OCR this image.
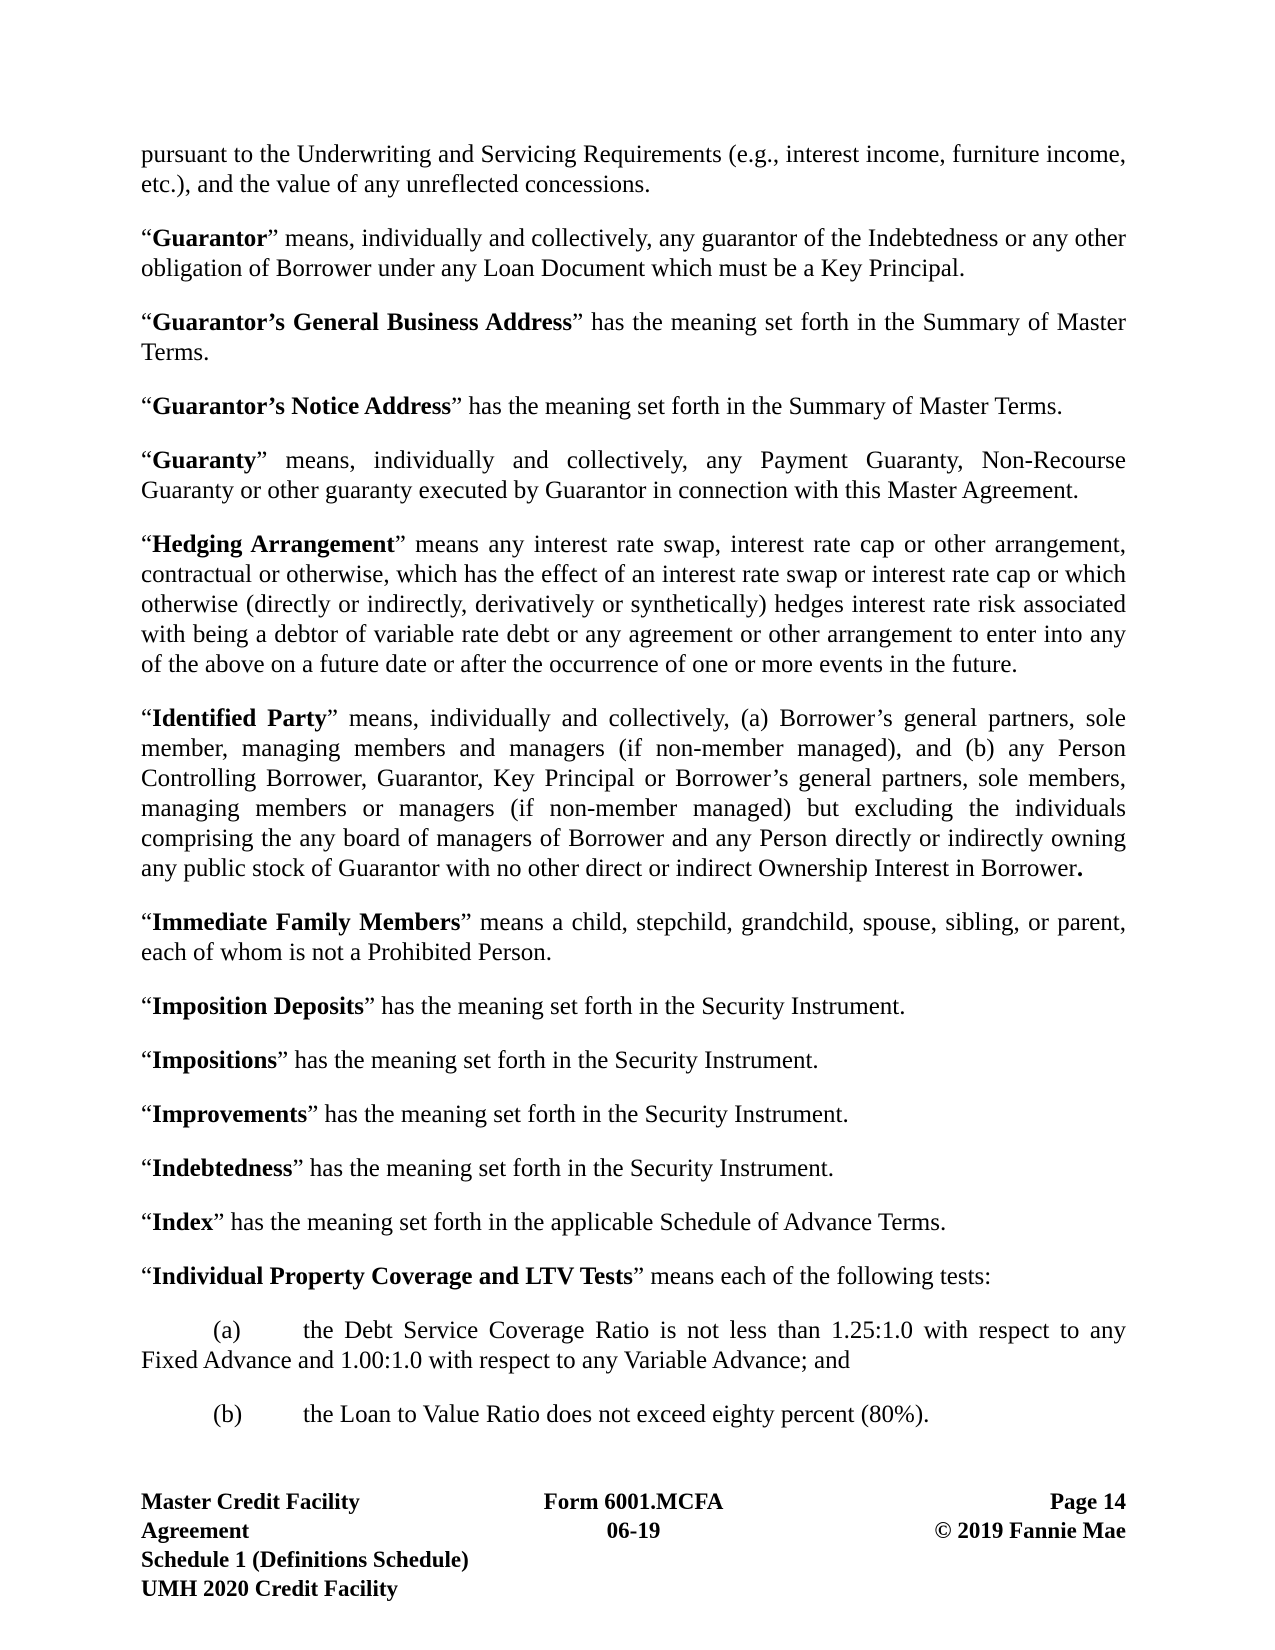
pursuant to the Underwriting and Servicing Requirements (e.g., interest income, furniture income, etc.), and the value of any unreflected concessions.

“Guarantor” means, individually and collectively, any guarantor of the Indebtedness or any other obligation of Borrower under any Loan Document which must be a Key Principal.

“Guarantor’s General Business Address” has the meaning set forth in the Summary of Master Terms.

“Guarantor’s Notice Address” has the meaning set forth in the Summary of Master Terms.

“Guaranty” means, individually and collectively, any Payment Guaranty, Non-Recourse Guaranty or other guaranty executed by Guarantor in connection with this Master Agreement.

“Hedging Arrangement” means any interest rate swap, interest rate cap or other arrangement, contractual or otherwise, which has the effect of an interest rate swap or interest rate cap or which otherwise (directly or indirectly, derivatively or synthetically) hedges interest rate risk associated with being a debtor of variable rate debt or any agreement or other arrangement to enter into any of the above on a future date or after the occurrence of one or more events in the future.

“Identified Party” means, individually and collectively, (a) Borrower’s general partners, sole member, managing members and managers (if non-member managed), and (b) any Person Controlling Borrower, Guarantor, Key Principal or Borrower’s general partners, sole members, managing members or managers (if non-member managed) but excluding the individuals comprising the any board of managers of Borrower and any Person directly or indirectly owning any public stock of Guarantor with no other direct or indirect Ownership Interest in Borrower.

“Immediate Family Members” means a child, stepchild, grandchild, spouse, sibling, or parent, each of whom is not a Prohibited Person.

“Imposition Deposits” has the meaning set forth in the Security Instrument.

“Impositions” has the meaning set forth in the Security Instrument.

“Improvements” has the meaning set forth in the Security Instrument.

“Indebtedness” has the meaning set forth in the Security Instrument.

“Index” has the meaning set forth in the applicable Schedule of Advance Terms.

“Individual Property Coverage and LTV Tests” means each of the following tests:

(a) the Debt Service Coverage Ratio is not less than 1.25:1.0 with respect to any Fixed Advance and 1.00:1.0 with respect to any Variable Advance; and

(b) the Loan to Value Ratio does not exceed eighty percent (80%).

Master Credit Facility Agreement
Schedule 1 (Definitions Schedule)
UMH 2020 Credit Facility
Form 6001.MCFA
06-19
Page 14
© 2019 Fannie Mae
